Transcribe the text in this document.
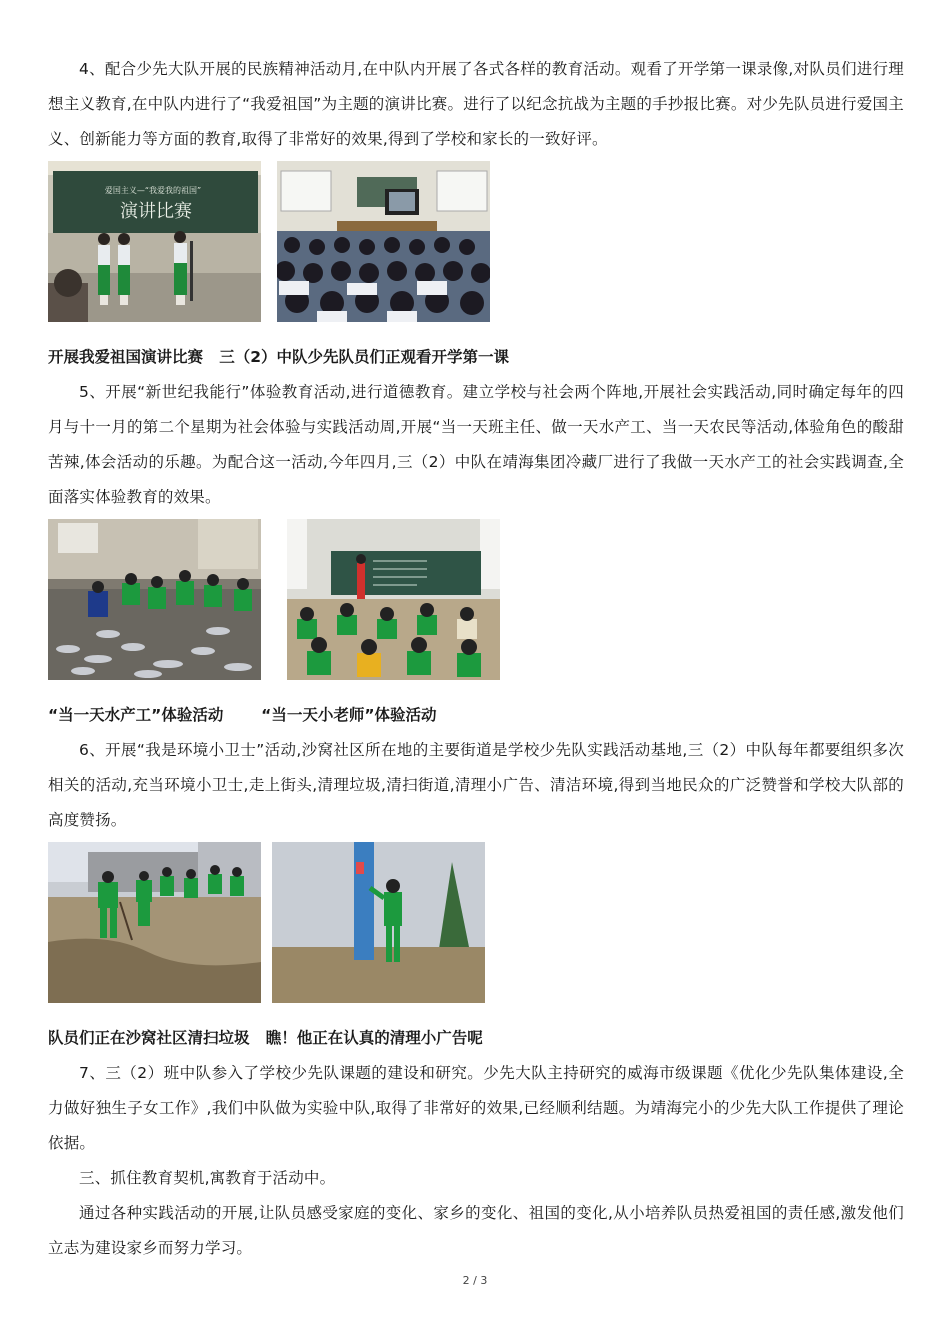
4、配合少先大队开展的民族精神活动月,在中队内开展了各式各样的教育活动。观看了开学第一课录像,对队员们进行理想主义教育,在中队内进行了“我爱祖国”为主题的演讲比赛。进行了以纪念抗战为主题的手抄报比赛。对少先队员进行爱国主义、创新能力等方面的教育,取得了非常好的效果,得到了学校和家长的一致好评。

爱国主义—“我爱我的祖国”
演讲比赛
开展我爱祖国演讲比赛   三（2）中队少先队员们正观看开学第一课

5、开展“新世纪我能行”体验教育活动,进行道德教育。建立学校与社会两个阵地,开展社会实践活动,同时确定每年的四月与十一月的第二个星期为社会体验与实践活动周,开展“当一天班主任、做一天水产工、当一天农民等活动,体验角色的酸甜苦辣,体会活动的乐趣。为配合这一活动,今年四月,三（2）中队在靖海集团冷藏厂进行了我做一天水产工的社会实践调查,全面落实体验教育的效果。

“当一天水产工”体验活动       “当一天小老师”体验活动

6、开展“我是环境小卫士”活动,沙窝社区所在地的主要街道是学校少先队实践活动基地,三（2）中队每年都要组织多次相关的活动,充当环境小卫士,走上街头,清理垃圾,清扫街道,清理小广告、清洁环境,得到当地民众的广泛赞誉和学校大队部的高度赞扬。

队员们正在沙窝社区清扫垃圾   瞧！他正在认真的清理小广告呢

7、三（2）班中队参入了学校少先队课题的建设和研究。少先大队主持研究的威海市级课题《优化少先队集体建设,全力做好独生子女工作》,我们中队做为实验中队,取得了非常好的效果,已经顺利结题。为靖海完小的少先大队工作提供了理论依据。

三、抓住教育契机,寓教育于活动中。

通过各种实践活动的开展,让队员感受家庭的变化、家乡的变化、祖国的变化,从小培养队员热爱祖国的责任感,激发他们立志为建设家乡而努力学习。

2 / 3
